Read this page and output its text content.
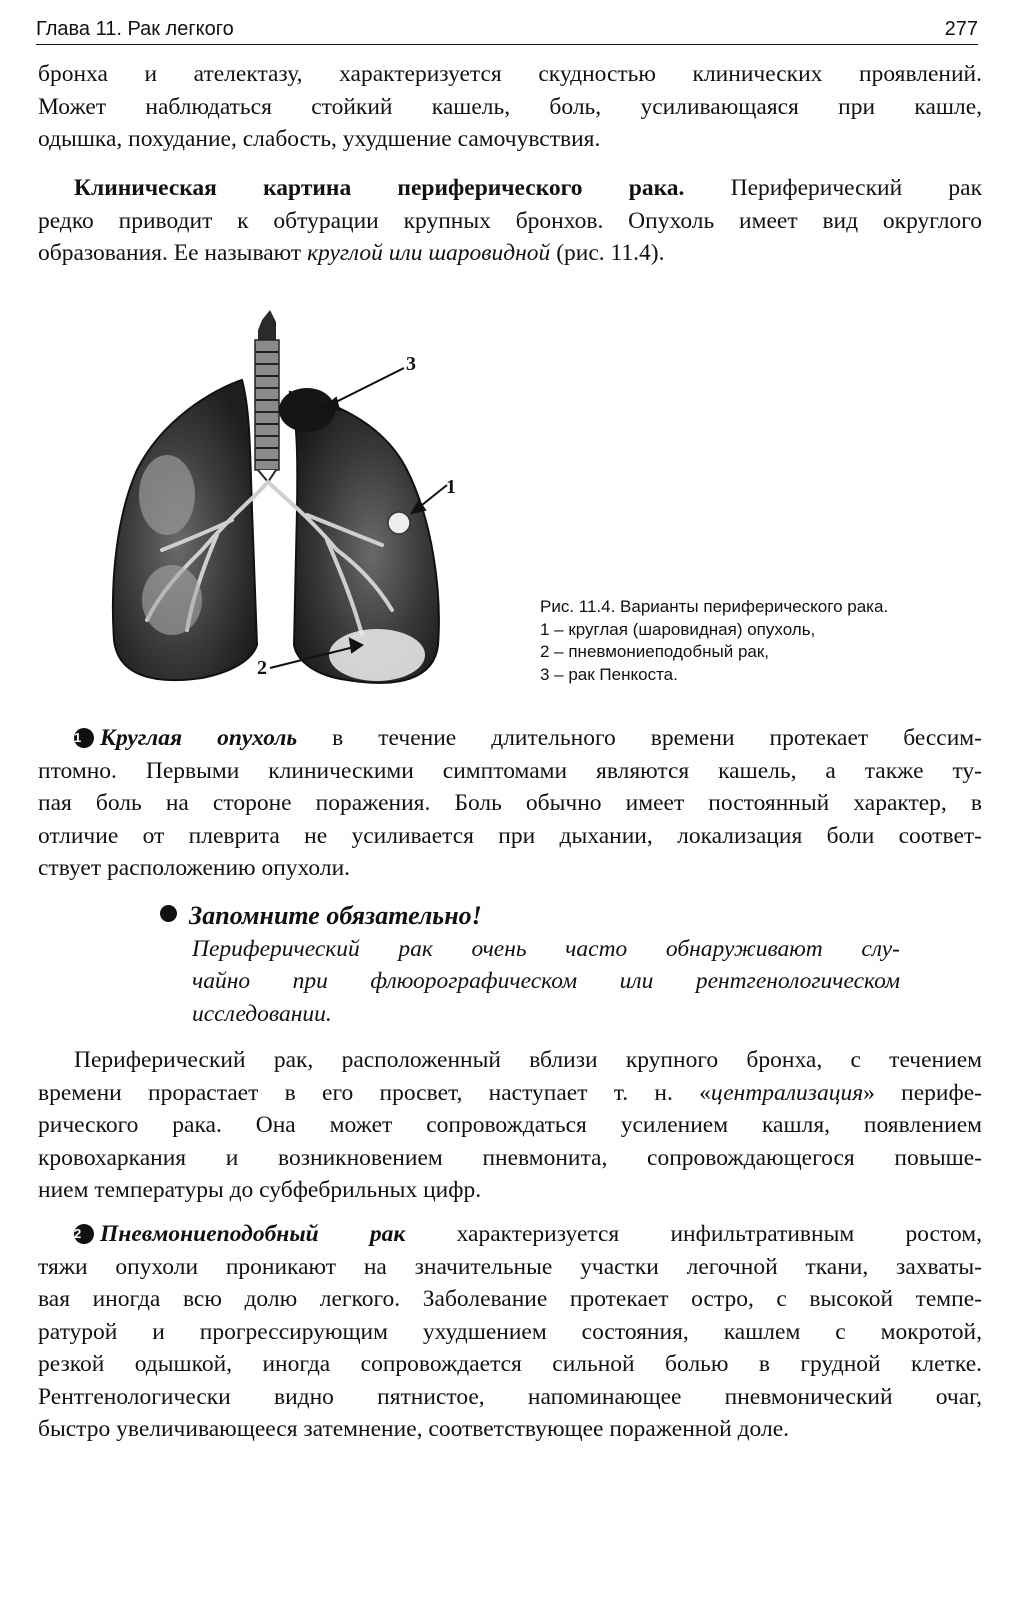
Глава 11. Рак легкого	277
бронха и ателектазу, характеризуется скудностью клинических проявлений.
Может наблюдаться стойкий кашель, боль, усиливающаяся при кашле,
одышка, похудание, слабость, ухудшение самочувствия.
Клиническая картина периферического рака. Периферический рак
редко приводит к обтурации крупных бронхов. Опухоль имеет вид округлого
образования. Ее называют круглой или шаровидной (рис. 11.4).
3
1
2
Рис. 11.4. Варианты периферического рака.
1 – круглая (шаровидная) опухоль,
2 – пневмониеподобный рак,
3 – рак Пенкоста.
1 Круглая опухоль в течение длительного времени протекает бессим-
птомно. Первыми клиническими симптомами являются кашель, а также ту-
пая боль на стороне поражения. Боль обычно имеет постоянный характер, в
отличие от плеврита не усиливается при дыхании, локализация боли соответ-
ствует расположению опухоли.
Запомните обязательно!
Периферический рак очень часто обнаруживают слу-
чайно при флюорографическом или рентгенологическом
исследовании.
Периферический рак, расположенный вблизи крупного бронха, с течением
времени прорастает в его просвет, наступает т. н. «централизация» перифе-
рического рака. Она может сопровождаться усилением кашля, появлением
кровохаркания и возникновением пневмонита, сопровождающегося повыше-
нием температуры до субфебрильных цифр.
2 Пневмониеподобный рак характеризуется инфильтративным ростом,
тяжи опухоли проникают на значительные участки легочной ткани, захваты-
вая иногда всю долю легкого. Заболевание протекает остро, с высокой темпе-
ратурой и прогрессирующим ухудшением состояния, кашлем с мокротой,
резкой одышкой, иногда сопровождается сильной болью в грудной клетке.
Рентгенологически видно пятнистое, напоминающее пневмонический очаг,
быстро увеличивающееся затемнение, соответствующее пораженной доле.
